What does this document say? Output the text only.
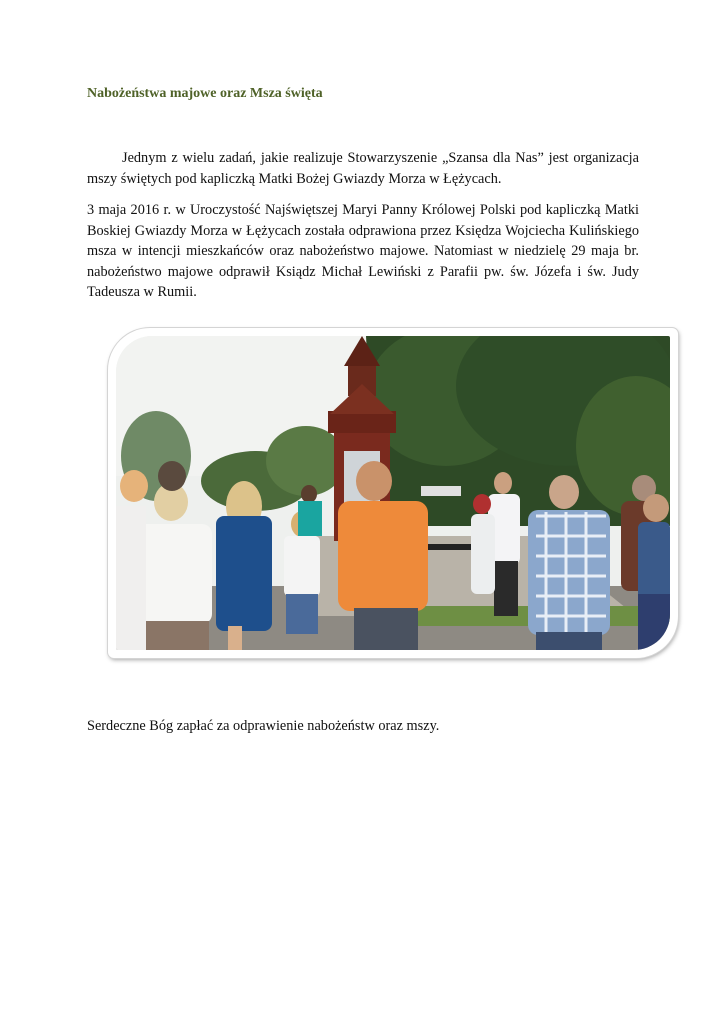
Nabożeństwa majowe oraz Msza święta
Jednym z wielu zadań, jakie realizuje Stowarzyszenie „Szansa dla Nas” jest organizacja mszy świętych pod kapliczką Matki Bożej Gwiazdy Morza w Łężycach.
3 maja 2016 r. w Uroczystość Najświętszej Maryi Panny Królowej Polski pod kapliczką Matki Boskiej Gwiazdy Morza w Łężycach została odprawiona przez Księdza Wojciecha Kulińskiego msza w intencji mieszkańców oraz nabożeństwo majowe. Natomiast w niedzielę 29 maja br. nabożeństwo majowe odprawił Ksiądz Michał Lewiński z Parafii pw. św. Józefa i św. Judy Tadeusza w Rumii.
Serdeczne Bóg zapłać za odprawienie nabożeństw oraz mszy.
